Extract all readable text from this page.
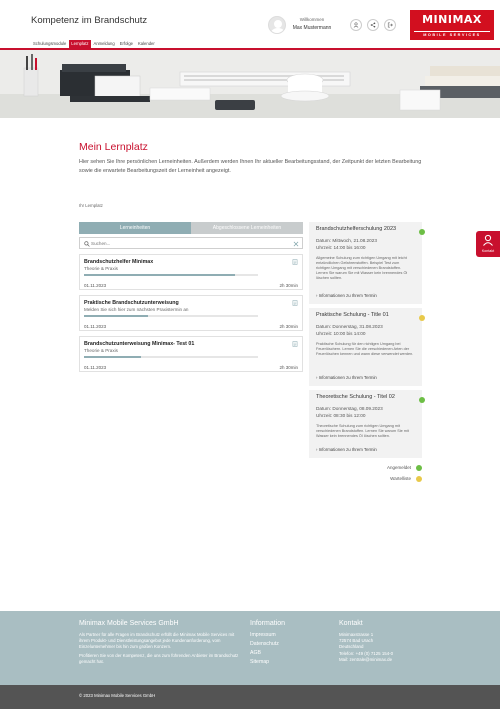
Kompetenz im Brandschutz
Schulungsmodule	Lernplatz	Anmeldung	Erfolge	Kalender
Willkommen
Max Mustermann
MINIMAX
MOBILE SERVICES
Mein Lernplatz
Hier sehen Sie Ihre persönlichen Lerneinheiten. Außerdem werden Ihnen Ihr aktueller Bearbeitungsstand, der Zeitpunkt der letzten Bearbeitung sowie die erwartete Bearbeitungszeit der Lerneinheit angezeigt.
Ihr Lernplatz
Lerneinheiten	Abgeschlossene Lerneinheiten
Suchen...
Brandschutzhelfer Minimax
Theorie & Praxis
01.11.2023	2h 30min
Praktische Brandschutzunterweisung
Melden Sie sich hier zum nächsten Praxistermin an
01.11.2023	2h 30min
Brandschutzunterweisung Minimax- Test 01
Theorie & Praxis
01.11.2023	2h 30min
Brandschutzhelferschulung 2023
Datum: Mittwoch, 21.08.2023
Uhrzeit: 14:00 bis 16:00
Allgemeine Schulung zum richtigen Umgang mit leicht entzündlichen Gefahrenstoffen. Beispiel Test zum richtigen Umgang mit verschiedenen Brandstoffen. Lernen Sie warum Sie mit Wasser kein brennendes Öl löschen sollten.
› Informationen zu Ihrem Termin
Praktische Schulung - Title 01
Datum: Donnerstag, 31.08.2023
Uhrzeit: 10:00 bis 14:00
Praktische Schulung für den richtigen Umgang bei Feuerlöschern. Lernen Sie die verschiedenen Arten der Feuerlöschen kennen und wann diese verwendet werden.
› Informationen zu Ihrem Termin
Theoretische Schulung - Titel 02
Datum: Donnerstag, 08.09.2023
Uhrzeit: 08:30 bis 12:00
Theoretische Schulung zum richtigen Umgang mit verschiedenen Brandstoffen. Lernen Sie warum Sie mit Wasser kein brennendes Öl löschen sollten.
› Informationen zu Ihrem Termin
Angemeldet
Wartelliste
Kontakt
Minimax Mobile Services GmbH
Als Partner für alle Fragen im Brandschutz erfüllt die Minimax Mobile Services mit ihrem Produkt- und Dienstleistungsangebot jede Kundenanforderung, vom Einzelunternehmer bis hin zum großen Konzern.
Profitieren Sie von der Kompetenz, die uns zum führenden Anbieter im Brandschutz gemacht hat.
Information
Impressum
Datenschutz
AGB
Sitemap
Kontakt
Minimaxstrasse 1
72574 Bad Urach
Deutschland
Telefon: +49 (0) 7125 154-0
Mail: zentrale@minimax.de
© 2023 Minimax Mobile Services GmbH
